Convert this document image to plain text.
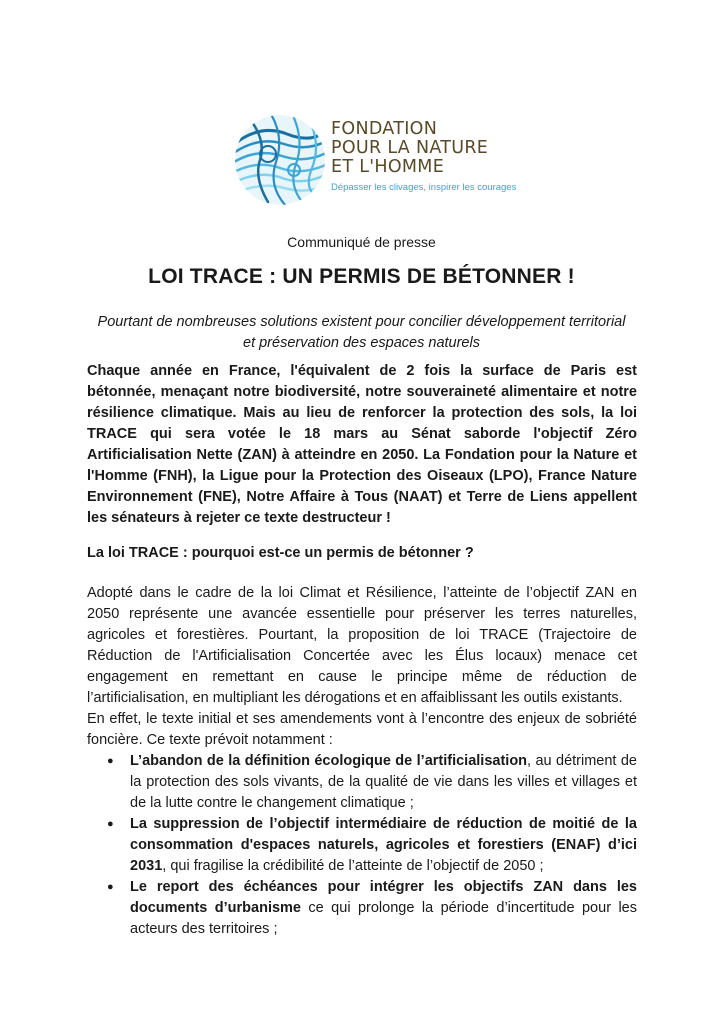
FONDATION
POUR LA NATURE
ET L'HOMME
Dépasser les clivages, inspirer les courages
Communiqué de presse
LOI TRACE : UN PERMIS DE BÉTONNER !
Pourtant de nombreuses solutions existent pour concilier développement territorial et préservation des espaces naturels
Chaque année en France, l'équivalent de 2 fois la surface de Paris est bétonnée, menaçant notre biodiversité, notre souveraineté alimentaire et notre résilience climatique. Mais au lieu de renforcer la protection des sols, la loi TRACE qui sera votée le 18 mars au Sénat saborde l'objectif Zéro Artificialisation Nette (ZAN) à atteindre en 2050. La Fondation pour la Nature et l'Homme (FNH), la Ligue pour la Protection des Oiseaux (LPO), France Nature Environnement (FNE), Notre Affaire à Tous (NAAT) et Terre de Liens appellent les sénateurs à rejeter ce texte destructeur !
La loi TRACE : pourquoi est-ce un permis de bétonner ?

Adopté dans le cadre de la loi Climat et Résilience, l’atteinte de l’objectif ZAN en 2050 représente une avancée essentielle pour préserver les terres naturelles, agricoles et forestières. Pourtant, la proposition de loi TRACE (Trajectoire de Réduction de l'Artificialisation Concertée avec les Élus locaux) menace cet engagement en remettant en cause le principe même de réduction de l’artificialisation, en multipliant les dérogations et en affaiblissant les outils existants.

En effet, le texte initial et ses amendements vont à l’encontre des enjeux de sobriété foncière. Ce texte prévoit notamment :

● L’abandon de la définition écologique de l’artificialisation, au détriment de la protection des sols vivants, de la qualité de vie dans les villes et villages et de la lutte contre le changement climatique ;
● La suppression de l’objectif intermédiaire de réduction de moitié de la consommation d'espaces naturels, agricoles et forestiers (ENAF) d’ici 2031, qui fragilise la crédibilité de l’atteinte de l’objectif de 2050 ;
● Le report des échéances pour intégrer les objectifs ZAN dans les documents d’urbanisme ce qui prolonge la période d’incertitude pour les acteurs des territoires ;
